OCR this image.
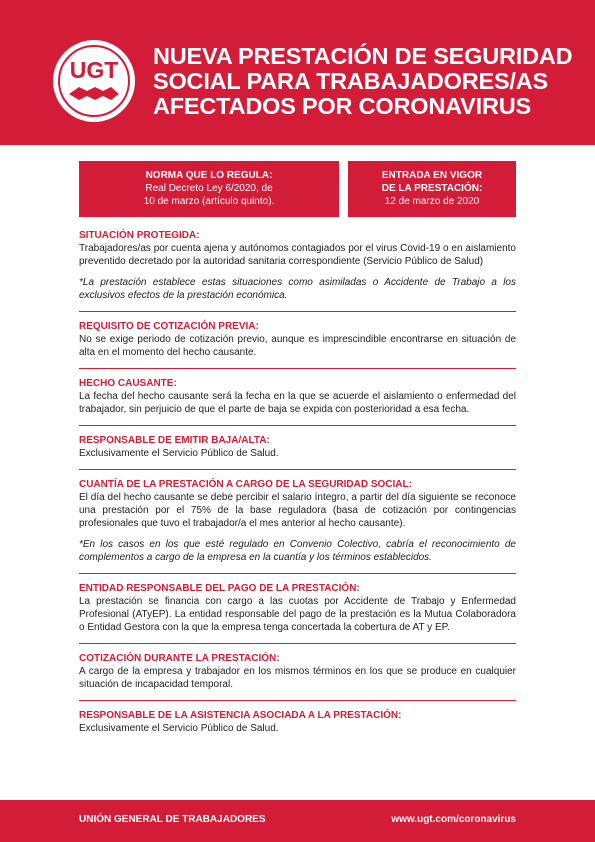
UGT
NUEVA PRESTACIÓN DE SEGURIDAD
SOCIAL PARA TRABAJADORES/AS
AFECTADOS POR CORONAVIRUS
NORMA QUE LO REGULA:
Real Decreto Ley 6/2020, de
10 de marzo (artículo quinto).
ENTRADA EN VIGOR
DE LA PRESTACIÓN:
12 de marzo de 2020
SITUACIÓN PROTEGIDA:

Trabajadores/as por cuenta ajena y autónomos contagiados por el virus Covid-19 o en aislamiento preventido decretado por la autoridad sanitaria correspondiente (Servicio Público de Salud)

*La prestación establece estas situaciones como asimiladas o Accidente de Trabajo a los exclusivos efectos de la prestación económica.

REQUISITO DE COTIZACIÓN PREVIA:

No se exige periodo de cotización previo, aunque es imprescindible encontrarse en situación de alta en el momento del hecho causante.

HECHO CAUSANTE:

La fecha del hecho causante será la fecha en la que se acuerde el aislamiento o enfermedad del trabajador, sin perjuicio de que el parte de baja se expida con posterioridad a esa fecha.

RESPONSABLE DE EMITIR BAJA/ALTA:

Exclusivamente el Servicio Público de Salud.

CUANTÍA DE LA PRESTACIÓN A CARGO DE LA SEGURIDAD SOCIAL:

El día del hecho causante se debe percibir el salario íntegro, a partir del día siguiente se reconoce una prestación por el 75% de la base reguladora (basa de cotización por contingencias profesionales que tuvo el trabajador/a el mes anterior al hecho causante).

*En los casos en los que esté regulado en Convenio Colectivo, cabría el reconocimiento de complementos a cargo de la empresa en la cuantía y los términos establecidos.

ENTIDAD RESPONSABLE DEL PAGO DE LA PRESTACIÓN:

La prestación se financia con cargo a las cuotas por Accidente de Trabajo y Enfermedad Profesional (ATyEP). La entidad responsable del pago de la prestación es la Mutua Colaboradora o Entidad Gestora con la que la empresa tenga concertada la cobertura de AT y EP.

COTIZACIÓN DURANTE LA PRESTACIÓN:

A cargo de la empresa y trabajador en los mismos términos en los que se produce en cualquier situación de incapacidad temporal.

RESPONSABLE DE LA ASISTENCIA ASOCIADA A LA PRESTACIÓN:

Exclusivamente el Servicio Público de Salud.

UNIÓN GENERAL DE TRABAJADORES	www.ugt.com/coronavirus
